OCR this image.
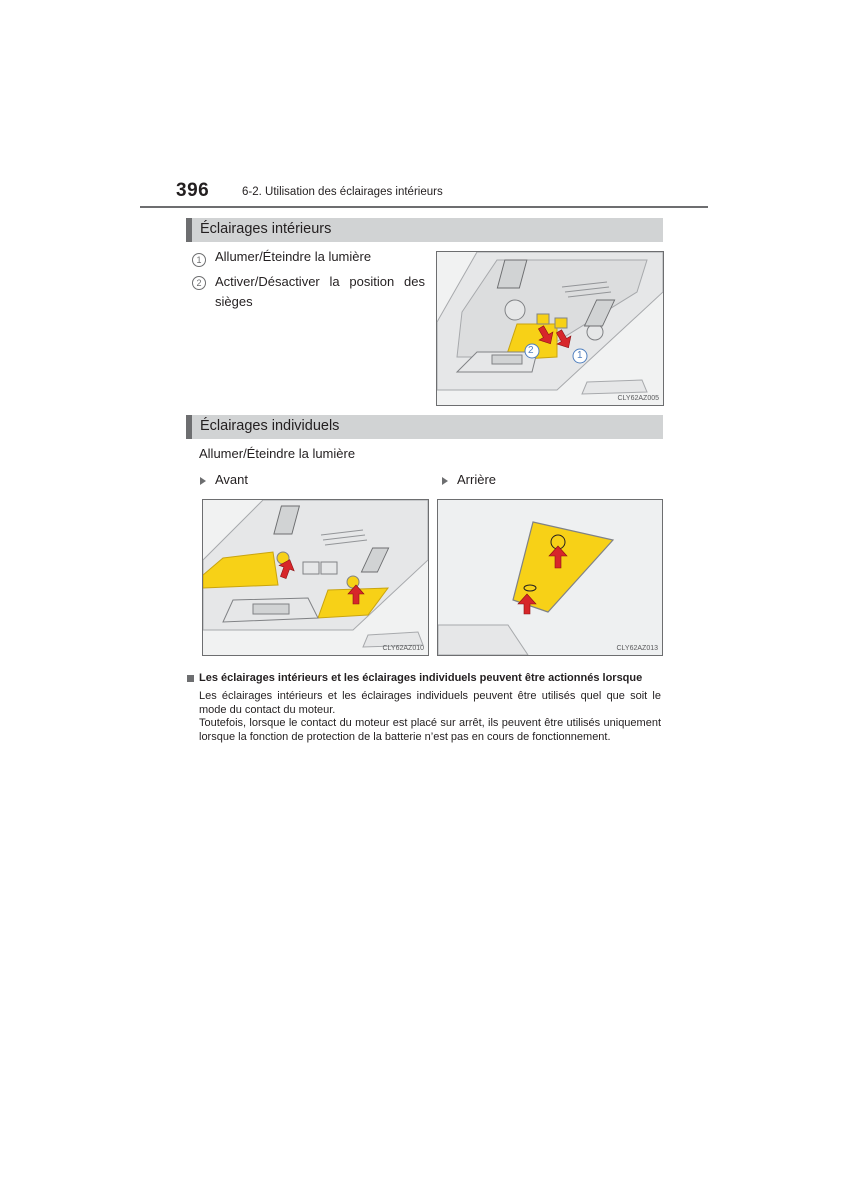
396	6-2. Utilisation des éclairages intérieurs
Éclairages intérieurs
1	Allumer/Éteindre la lumière
2	Activer/Désactiver la position des sièges
2	1
CLY62AZ005
Éclairages individuels
Allumer/Éteindre la lumière
Avant	Arrière
CLY62AZ010	CLY62AZ013
Les éclairages intérieurs et les éclairages individuels peuvent être actionnés lorsque

Les éclairages intérieurs et les éclairages individuels peuvent être utilisés quel que soit le mode du contact du moteur.

Toutefois, lorsque le contact du moteur est placé sur arrêt, ils peuvent être utilisés uniquement lorsque la fonction de protection de la batterie n’est pas en cours de fonctionnement.
